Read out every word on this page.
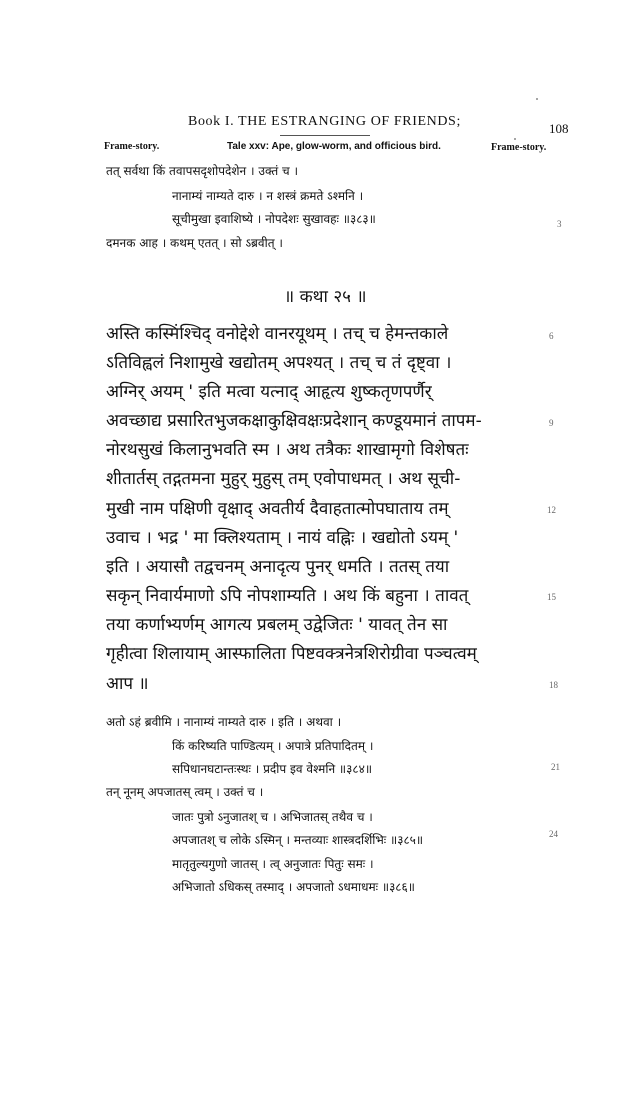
Book I. THE ESTRANGING OF FRIENDS;	108
Frame-story.	Tale xxv: Ape, glow-worm, and officious bird.	Frame-story.
तत् सर्वथा किं तवापसदृशोपदेशेन । उक्तं च ।
नानाम्यं नाम्यते दारु । न शस्त्रं क्रमते ऽश्मनि ।
सूचीमुखा इवाशिष्ये । नोपदेशः सुखावहः ॥३८३॥
दमनक आह । कथम् एतत् । सो ऽब्रवीत् ।
3
॥ कथा २५ ॥
अस्ति कस्मिंश्चिद् वनोद्देशे वानरयूथम् । तच् च हेमन्तकाले
ऽतिविह्वलं निशामुखे खद्योतम् अपश्यत् । तच् च तं दृष्ट्वा ।
अग्निर् अयम् ' इति मत्वा यत्नाद् आहृत्य शुष्कतृणपर्णैर्
अवच्छाद्य प्रसारितभुजकक्षाकुक्षिवक्षःप्रदेशान् कण्डूयमानं तापम-
नोरथसुखं किलानुभवति स्म । अथ तत्रैकः शाखामृगो विशेषतः
शीतार्तस् तद्गतमना मुहुर् मुहुस् तम् एवोपाधमत् । अथ सूची-
मुखी नाम पक्षिणी वृक्षाद् अवतीर्य दैवाहतात्मोपघाताय तम्
उवाच । भद्र ' मा क्लिश्यताम् । नायं वह्निः । खद्योतो ऽयम् '
इति । अयासौ तद्वचनम् अनादृत्य पुनर् धमति । ततस् तया
सकृन् निवार्यमाणो ऽपि नोपशाम्यति । अथ किं बहुना । तावत्
तया कर्णाभ्यर्णम् आगत्य प्रबलम् उद्वेजितः ' यावत् तेन सा
गृहीत्वा शिलायाम् आस्फालिता पिष्टवक्त्रनेत्रशिरोग्रीवा पञ्चत्वम्
आप ॥
6
9
12
15
18
अतो ऽहं ब्रवीमि । नानाम्यं नाम्यते दारु । इति । अथवा ।
किं करिष्यति पाण्डित्यम् । अपात्रे प्रतिपादितम् ।
सपिधानघटान्तःस्थः । प्रदीप इव वेश्मनि ॥३८४॥
तन् नूनम् अपजातस् त्वम् । उक्तं च ।
जातः पुत्रो ऽनुजातश् च । अभिजातस् तथैव च ।
अपजातश् च लोके ऽस्मिन् । मन्तव्याः शास्त्रदर्शिभिः ॥३८५॥
मातृतुल्यगुणो जातस् । त्व् अनुजातः पितुः समः ।
अभिजातो ऽधिकस् तस्माद् । अपजातो ऽधमाधमः ॥३८६॥
21
24
